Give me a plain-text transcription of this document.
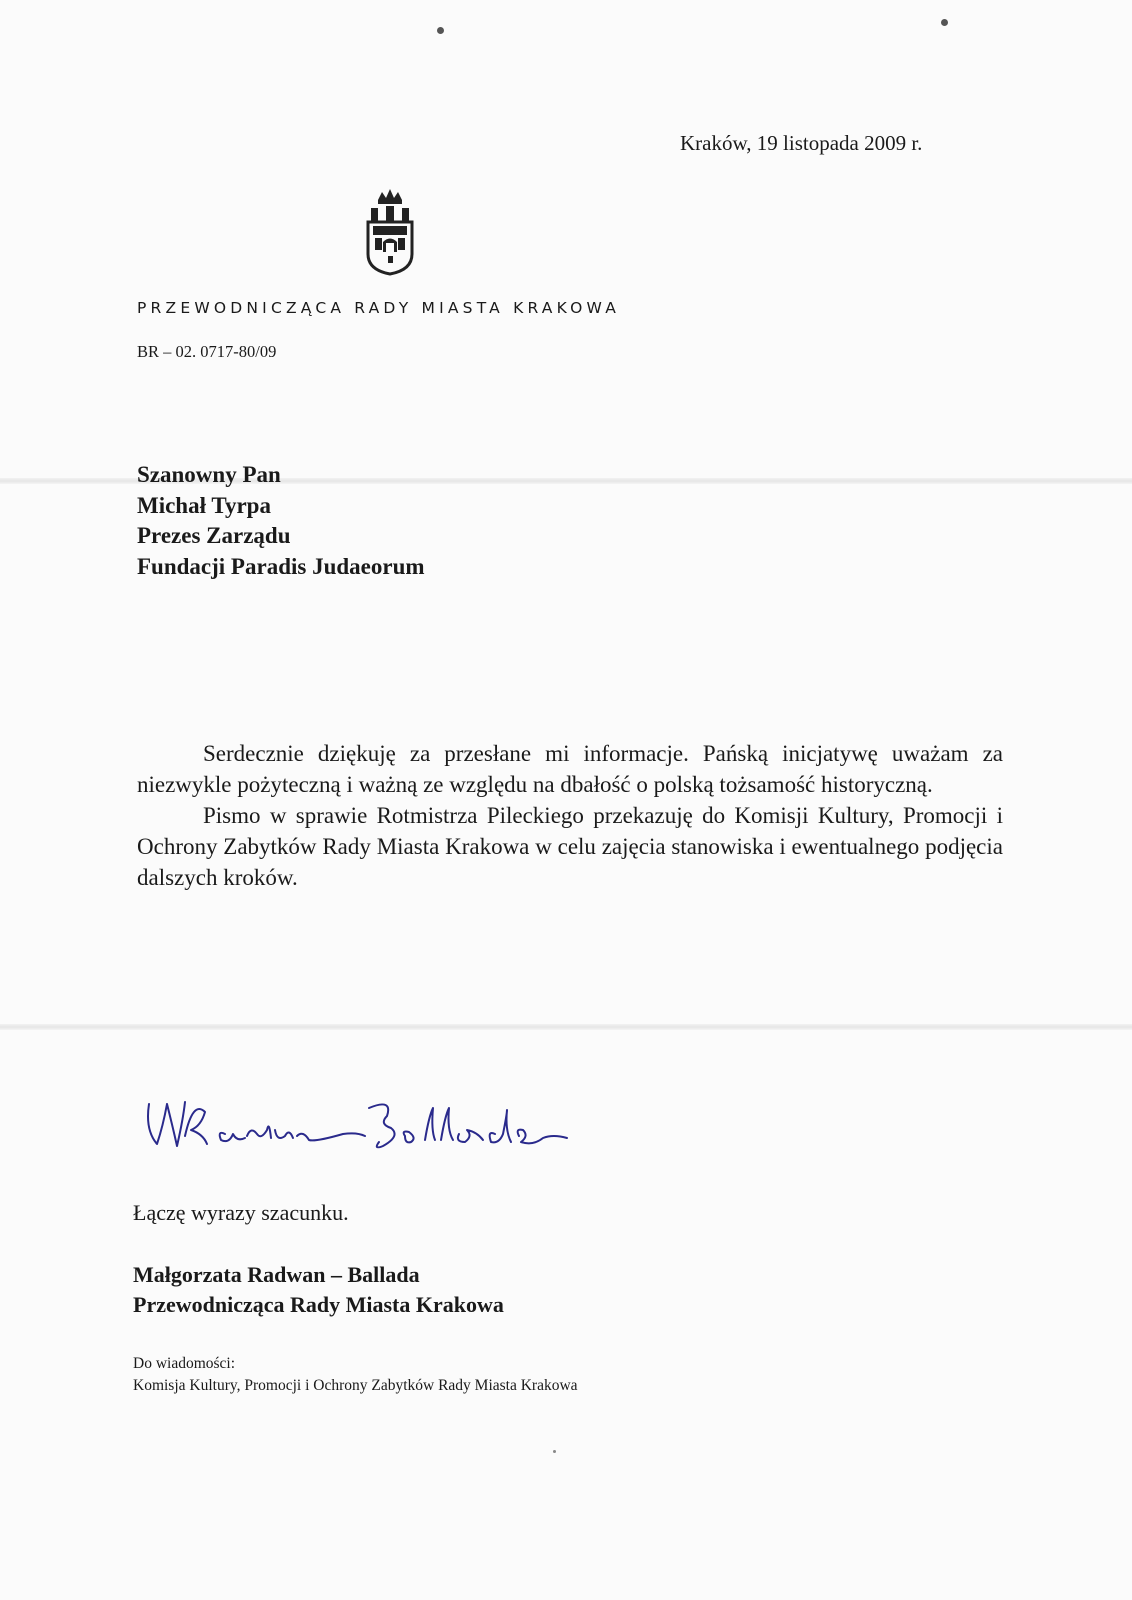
Kraków, 19 listopada 2009 r.
PRZEWODNICZĄCA RADY MIASTA KRAKOWA
BR – 02. 0717-80/09
Szanowny Pan
Michał Tyrpa
Prezes Zarządu
Fundacji Paradis Judaeorum

Serdecznie dziękuję za przesłane mi informacje. Pańską inicjatywę uważam za niezwykle pożyteczną i ważną ze względu na dbałość o polską tożsamość historyczną.

Pismo w sprawie Rotmistrza Pileckiego przekazuję do Komisji Kultury, Promocji i Ochrony Zabytków Rady Miasta Krakowa w celu zajęcia stanowiska i ewentualnego podjęcia dalszych kroków.

Łączę wyrazy szacunku.
Małgorzata Radwan – Ballada
Przewodnicząca Rady Miasta Krakowa
Do wiadomości:
Komisja Kultury, Promocji i Ochrony Zabytków Rady Miasta Krakowa
